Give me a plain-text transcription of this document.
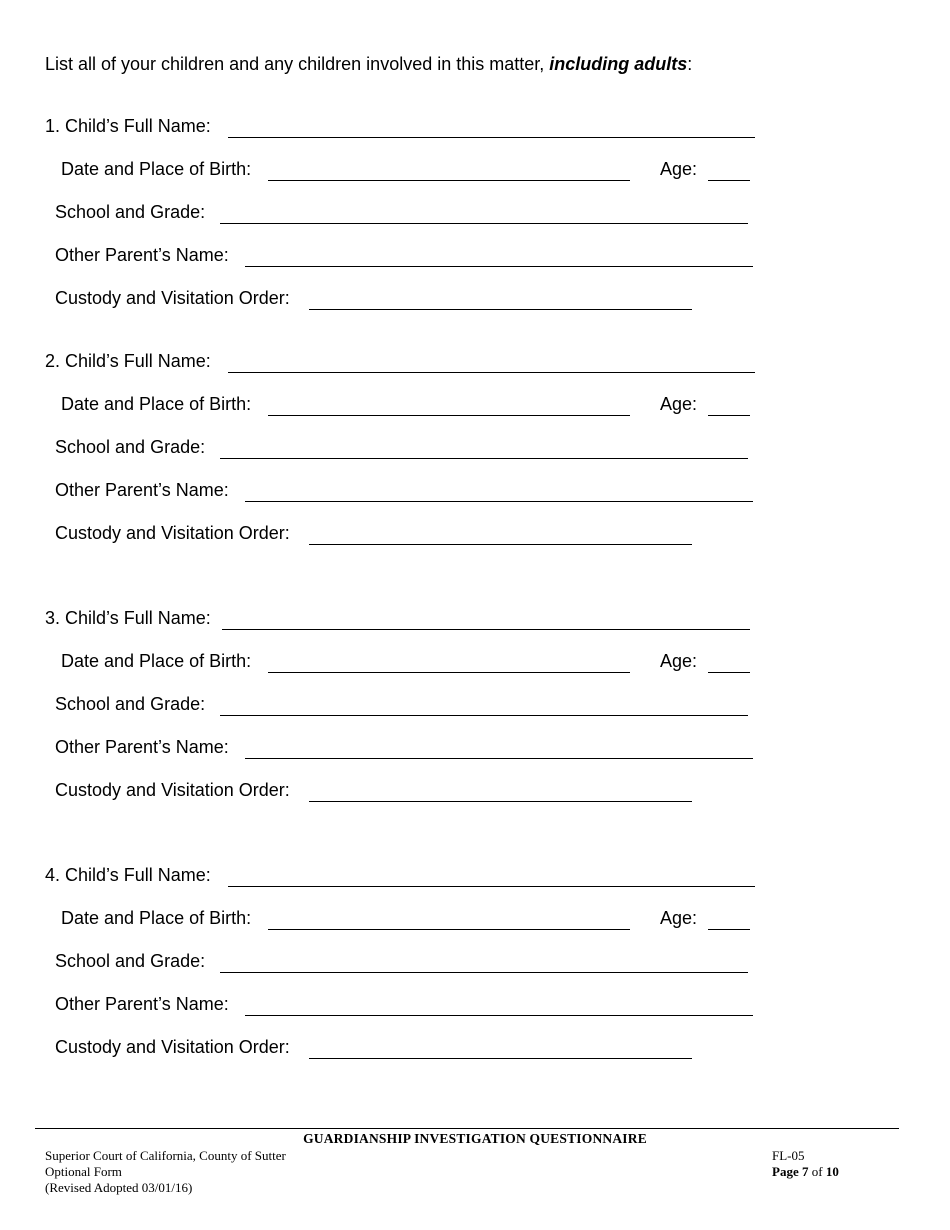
List all of your children and any children involved in this matter, including adults:
1. Child’s Full Name:
Date and Place of Birth:	Age:
School and Grade:
Other Parent’s Name:
Custody and Visitation Order:
2. Child’s Full Name:
Date and Place of Birth:	Age:
School and Grade:
Other Parent’s Name:
Custody and Visitation Order:
3. Child’s Full Name:
Date and Place of Birth:	Age:
School and Grade:
Other Parent’s Name:
Custody and Visitation Order:
4. Child’s Full Name:
Date and Place of Birth:	Age:
School and Grade:
Other Parent’s Name:
Custody and Visitation Order:
GUARDIANSHIP INVESTIGATION QUESTIONNAIRE
Superior Court of California, County of Sutter
Optional Form
(Revised Adopted 03/01/16)
FL-05
Page 7 of 10
